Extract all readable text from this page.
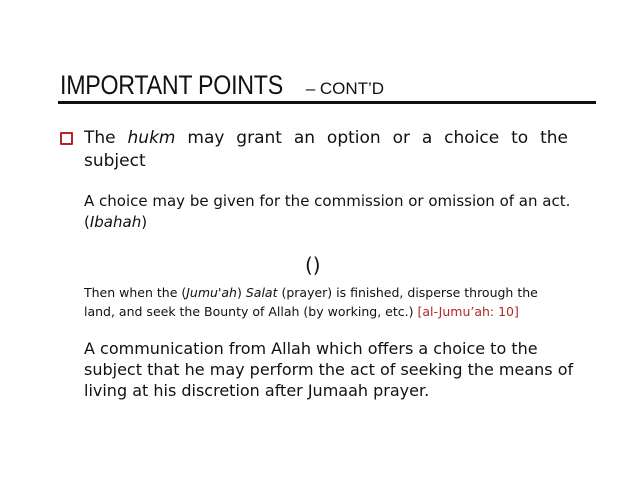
IMPORTANT POINTS – CONT’D
The hukm may grant an option or a choice to the subject
A choice may be given for the commission or omission of an act. (Ibahah)
()
Then when the (Jumu'ah) Salat (prayer) is finished, disperse through the land, and seek the Bounty of Allah (by working, etc.) [al-Jumu’ah: 10]
A communication from Allah which offers a choice to the subject that he may perform the act of seeking the means of living at his discretion after Jumaah prayer.
